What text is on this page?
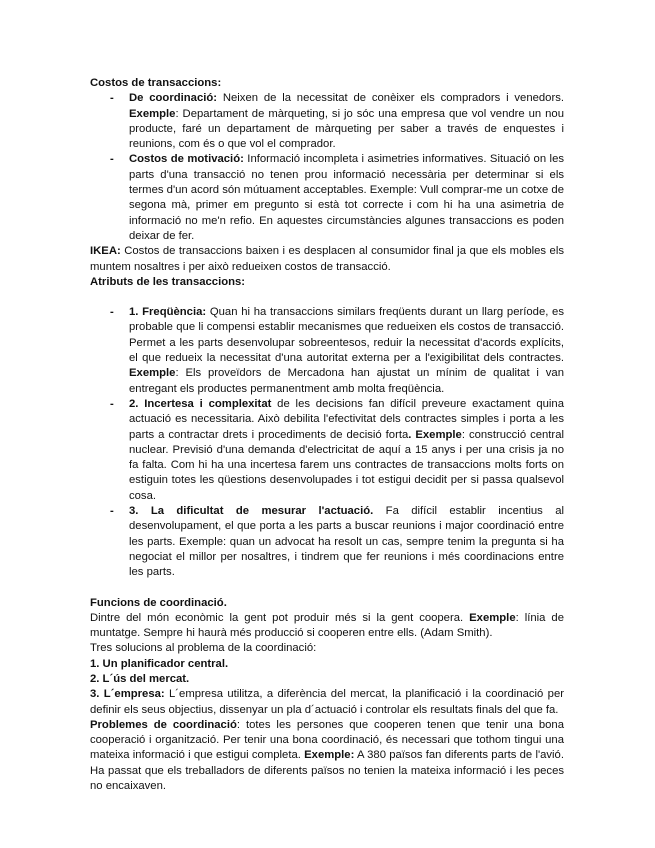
Costos de transaccions:
- De coordinació: Neixen de la necessitat de conèixer els compradors i venedors. Exemple: Departament de màrqueting, si jo sóc una empresa que vol vendre un nou producte, faré un departament de màrqueting per saber a través de enquestes i reunions, com és o que vol el comprador.
- Costos de motivació: Informació incompleta i asimetries informatives. Situació on les parts d'una transacció no tenen prou informació necessària per determinar si els termes d'un acord són mútuament acceptables. Exemple: Vull comprar-me un cotxe de segona mà, primer em pregunto si està tot correcte i com hi ha una asimetria de informació no me'n refio. En aquestes circumstàncies algunes transaccions es poden deixar de fer.
IKEA: Costos de transaccions baixen i es desplacen al consumidor final ja que els mobles els muntem nosaltres i per això redueixen costos de transacció.
Atributs de les transaccions:
- 1. Freqüència: Quan hi ha transaccions similars freqüents durant un llarg període, es probable que li compensi establir mecanismes que redueixen els costos de transacció. Permet a les parts desenvolupar sobreentesos, reduir la necessitat d'acords explícits, el que redueix la necessitat d'una autoritat externa per a l'exigibilitat dels contractes. Exemple: Els proveïdors de Mercadona han ajustat un mínim de qualitat i van entregant els productes permanentment amb molta freqüència.
- 2. Incertesa i complexitat de les decisions fan difícil preveure exactament quina actuació es necessitaria. Això debilita l'efectivitat dels contractes simples i porta a les parts a contractar drets i procediments de decisió forta. Exemple: construcció central nuclear. Previsió d'una demanda d'electricitat de aquí a 15 anys i per una crisis ja no fa falta. Com hi ha una incertesa farem uns contractes de transaccions molts forts on estiguin totes les qüestions desenvolupades i tot estigui decidit per si passa qualsevol cosa.
- 3. La dificultat de mesurar l'actuació. Fa difícil establir incentius al desenvolupament, el que porta a les parts a buscar reunions i major coordinació entre les parts. Exemple: quan un advocat ha resolt un cas, sempre tenim la pregunta si ha negociat el millor per nosaltres, i tindrem que fer reunions i més coordinacions entre les parts.
Funcions de coordinació.
Dintre del món econòmic la gent pot produir més si la gent coopera. Exemple: línia de muntatge. Sempre hi haurà més producció si cooperen entre ells. (Adam Smith).
Tres solucions al problema de la coordinació:
1. Un planificador central.
2. L´ús del mercat.
3. L´empresa: L´empresa utilitza, a diferència del mercat, la planificació i la coordinació per definir els seus objectius, dissenyar un pla d´actuació i controlar els resultats finals del que fa.
Problemes de coordinació: totes les persones que cooperen tenen que tenir una bona cooperació i organització. Per tenir una bona coordinació, és necessari que tothom tingui una mateixa informació i que estigui completa. Exemple: A 380 països fan diferents parts de l'avió. Ha passat que els treballadors de diferents països no tenien la mateixa informació i les peces no encaixaven.
